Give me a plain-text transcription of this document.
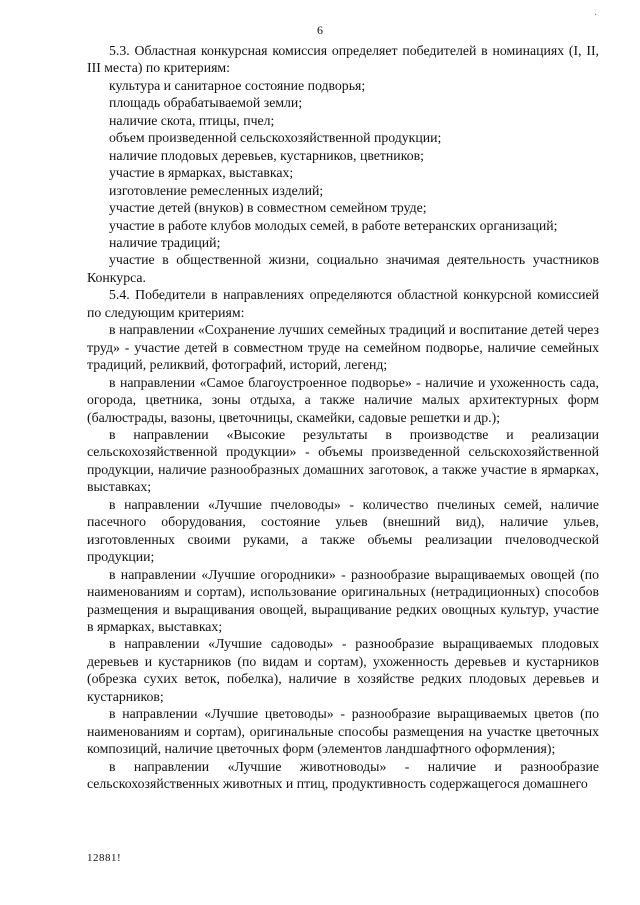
·
6
5.3. Областная конкурсная комиссия определяет победителей в номинациях (I, II, III места) по критериям:
культура и санитарное состояние подворья;
площадь обрабатываемой земли;
наличие скота, птицы, пчел;
объем произведенной сельскохозяйственной продукции;
наличие плодовых деревьев, кустарников, цветников;
участие в ярмарках, выставках;
изготовление ремесленных изделий;
участие детей (внуков) в совместном семейном труде;
участие в работе клубов молодых семей, в работе ветеранских организаций;
наличие традиций;
участие в общественной жизни, социально значимая деятельность участников Конкурса.
5.4. Победители в направлениях определяются областной конкурсной комиссией по следующим критериям:
в направлении «Сохранение лучших семейных традиций и воспитание детей через труд» - участие детей в совместном труде на семейном подворье, наличие семейных традиций, реликвий, фотографий, историй, легенд;
в направлении «Самое благоустроенное подворье» - наличие и ухоженность сада, огорода, цветника, зоны отдыха, а также наличие малых архитектурных форм (балюстрады, вазоны, цветочницы, скамейки, садовые решетки и др.);
в направлении «Высокие результаты в производстве и реализации сельскохозяйственной продукции» - объемы произведенной сельскохозяйственной продукции, наличие разнообразных домашних заготовок, а также участие в ярмарках, выставках;
в направлении «Лучшие пчеловоды» - количество пчелиных семей, наличие пасечного оборудования, состояние ульев (внешний вид), наличие ульев, изготовленных своими руками, а также объемы реализации пчеловодческой продукции;
в направлении «Лучшие огородники» - разнообразие выращиваемых овощей (по наименованиям и сортам), использование оригинальных (нетрадиционных) способов размещения и выращивания овощей, выращивание редких овощных культур, участие в ярмарках, выставках;
в направлении «Лучшие садоводы» - разнообразие выращиваемых плодовых деревьев и кустарников (по видам и сортам), ухоженность деревьев и кустарников (обрезка сухих веток, побелка), наличие в хозяйстве редких плодовых деревьев и кустарников;
в направлении «Лучшие цветоводы» - разнообразие выращиваемых цветов (по наименованиям и сортам), оригинальные способы размещения на участке цветочных композиций, наличие цветочных форм (элементов ландшафтного оформления);
в направлении «Лучшие животноводы» - наличие и разнообразие сельскохозяйственных животных и птиц, продуктивность содержащегося домашнего
12881!
